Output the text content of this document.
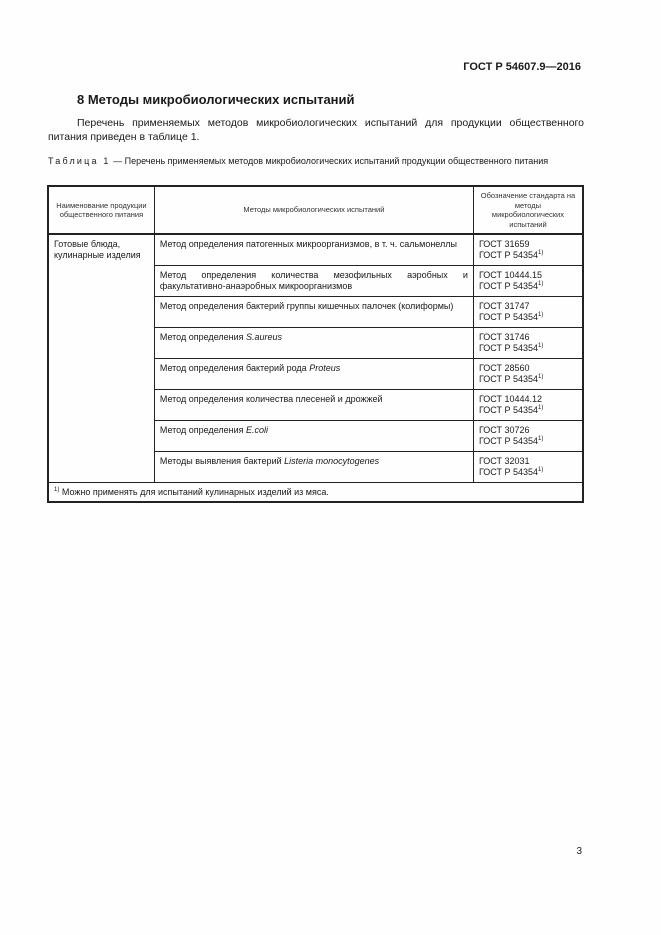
ГОСТ Р 54607.9—2016
8 Методы микробиологических испытаний
Перечень применяемых методов микробиологических испытаний для продукции общественного питания приведен в таблице 1.
Таблица 1 — Перечень применяемых методов микробиологических испытаний продукции общественного питания
Наименование продукции общественного питания	Методы микробиологических испытаний	Обозначение стандарта на методы микробиологических испытаний
Готовые блюда, кулинарные изделия	Метод определения патогенных микроорганизмов, в т. ч. сальмонеллы	ГОСТ 31659
ГОСТ Р 54354$^{1)}$

	Метод определения количества мезофильных аэробных и факультативно-анаэробных микроорганизмов	ГОСТ 10444.15
ГОСТ Р 54354$^{1)}$

	Метод определения бактерий группы кишечных палочек (колиформы)	ГОСТ 31747
ГОСТ Р 54354$^{1)}$

	Метод определения S.aureus	ГОСТ 31746
ГОСТ Р 54354$^{1)}$

	Метод определения бактерий рода Proteus	ГОСТ 28560
ГОСТ Р 54354$^{1)}$

	Метод определения количества плесеней и дрожжей	ГОСТ 10444.12
ГОСТ Р 54354$^{1)}$

	Метод определения E.coli	ГОСТ 30726
ГОСТ Р 54354$^{1)}$

	Методы выявления бактерий Listeria monocytogenes	ГОСТ 32031
ГОСТ Р 54354$^{1)}$

$^{1)}$ Можно применять для испытаний кулинарных изделий из мяса.		
3
